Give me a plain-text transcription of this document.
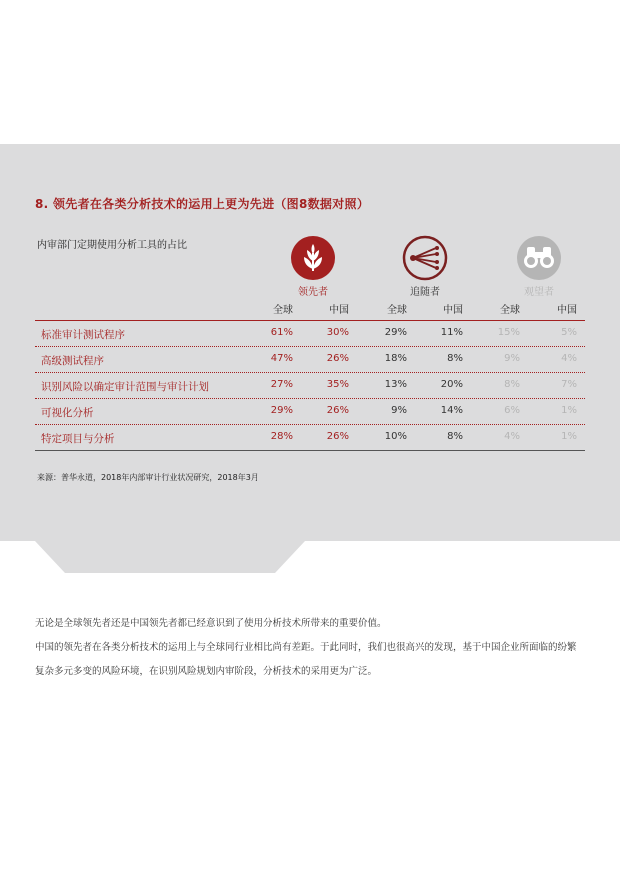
8. 领先者在各类分析技术的运用上更为先进（图8数据对照）
内审部门定期使用分析工具的占比
领先者	追随者	观望者
全球	中国	全球	中国	全球	中国
标准审计测试程序	61%	30%	29%	11%	15%	5%
高级测试程序	47%	26%	18%	8%	9%	4%
识别风险以确定审计范围与审计计划	27%	35%	13%	20%	8%	7%
可视化分析	29%	26%	9%	14%	6%	1%
特定项目与分析	28%	26%	10%	8%	4%	1%
来源：普华永道，2018年内部审计行业状况研究，2018年3月
无论是全球领先者还是中国领先者都已经意识到了使用分析技术所带来的重要价值。
中国的领先者在各类分析技术的运用上与全球同行业相比尚有差距。于此同时，我们也很高兴的发现，基于中国企业所面临的纷繁复杂多元多变的风险环境，在识别风险规划内审阶段，分析技术的采用更为广泛。
